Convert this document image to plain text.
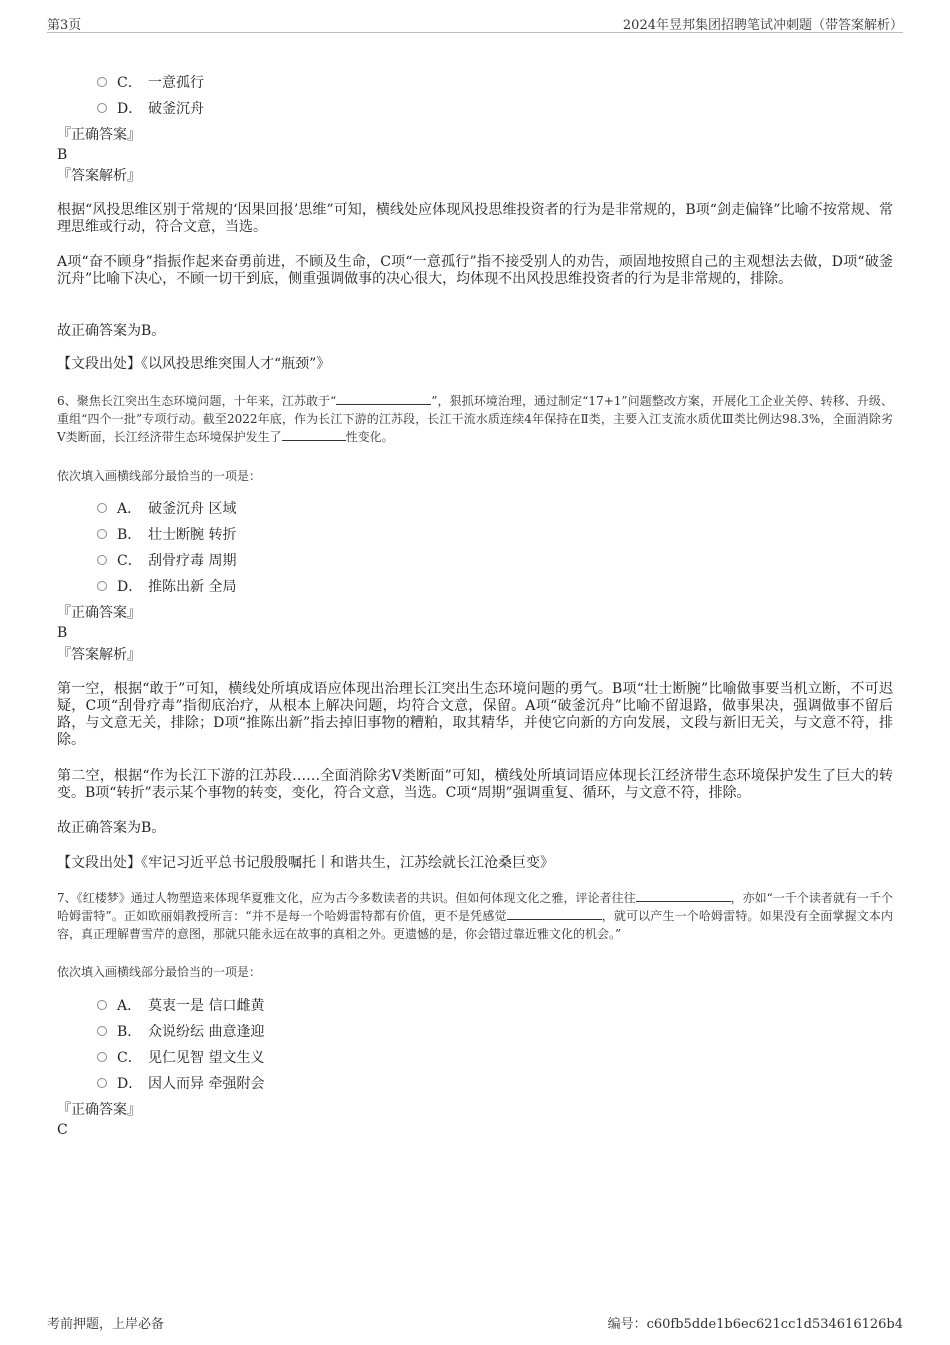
第3页	2024年昱邦集团招聘笔试冲刺题（带答案解析）
C． 一意孤行
D． 破釜沉舟
『正确答案』
B
『答案解析』
根据“风投思维区别于常规的‘因果回报’思维”可知，横线处应体现风投思维投资者的行为是非常规的，B项“剑走偏锋”比喻不按常规、常理思维或行动，符合文意，当选。
A项“奋不顾身”指振作起来奋勇前进，不顾及生命，C项“一意孤行”指不接受别人的劝告，顽固地按照自己的主观想法去做，D项“破釜沉舟”比喻下决心，不顾一切干到底，侧重强调做事的决心很大，均体现不出风投思维投资者的行为是非常规的，排除。
故正确答案为B。
【文段出处】《以风投思维突围人才“瓶颈”》
6、聚焦长江突出生态环境问题，十年来，江苏敢于“	”，狠抓环境治理，通过制定“17+1”问题整改方案，开展化工企业关停、转移、升级、重组“四个一批”专项行动。截至2022年底，作为长江下游的江苏段，长江干流水质连续4年保持在Ⅱ类，主要入江支流水质优Ⅲ类比例达98.3%，全面消除劣Ⅴ类断面，长江经济带生态环境保护发生了	性变化。
依次填入画横线部分最恰当的一项是：
A． 破釜沉舟 区域
B． 壮士断腕 转折
C． 刮骨疗毒 周期
D． 推陈出新 全局
『正确答案』
B
『答案解析』
第一空，根据“敢于”可知，横线处所填成语应体现出治理长江突出生态环境问题的勇气。B项“壮士断腕”比喻做事要当机立断，不可迟疑，C项“刮骨疗毒”指彻底治疗，从根本上解决问题，均符合文意，保留。A项“破釜沉舟”比喻不留退路，做事果决，强调做事不留后路，与文意无关，排除；D项“推陈出新”指去掉旧事物的糟粕，取其精华，并使它向新的方向发展，文段与新旧无关，与文意不符，排除。
第二空，根据“作为长江下游的江苏段……全面消除劣Ⅴ类断面”可知，横线处所填词语应体现长江经济带生态环境保护发生了巨大的转变。B项“转折”表示某个事物的转变，变化，符合文意，当选。C项“周期”强调重复、循环，与文意不符，排除。
故正确答案为B。
【文段出处】《牢记习近平总书记殷殷嘱托丨和谐共生，江苏绘就长江沧桑巨变》
7、《红楼梦》通过人物塑造来体现华夏雅文化，应为古今多数读者的共识。但如何体现文化之雅，评论者往往	，亦如“一千个读者就有一千个哈姆雷特”。正如欧丽娟教授所言：“并不是每一个哈姆雷特都有价值，更不是凭感觉	，就可以产生一个哈姆雷特。如果没有全面掌握文本内容，真正理解曹雪芹的意图，那就只能永远在故事的真相之外。更遗憾的是，你会错过靠近雅文化的机会。”
依次填入画横线部分最恰当的一项是：
A． 莫衷一是 信口雌黄
B． 众说纷纭 曲意逢迎
C． 见仁见智 望文生义
D． 因人而异 牵强附会
『正确答案』
C
考前押题，上岸必备	编号：c60fb5dde1b6ec621cc1d534616126b4
